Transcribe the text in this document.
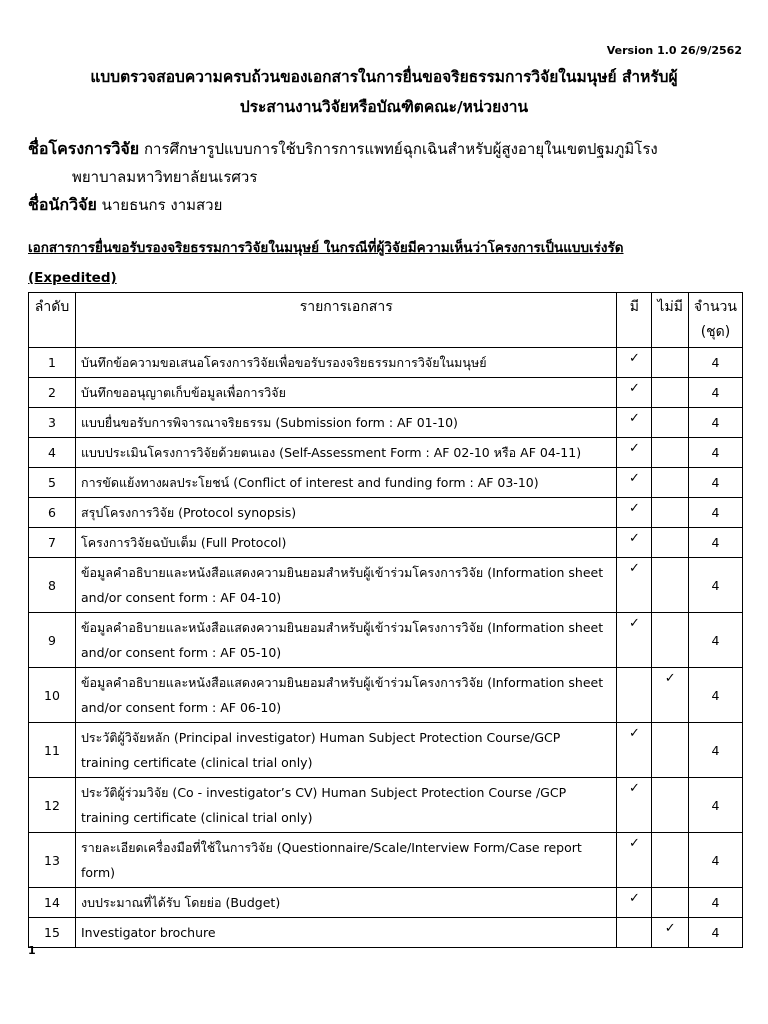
Version 1.0 26/9/2562
แบบตรวจสอบความครบถ้วนของเอกสารในการยื่นขอจริยธรรมการวิจัยในมนุษย์ สำหรับผู้
ประสานงานวิจัยหรือบัณฑิตคณะ/หน่วยงาน
ชื่อโครงการวิจัย การศึกษารูปแบบการใช้บริการการแพทย์ฉุกเฉินสำหรับผู้สูงอายุในเขตปฐมภูมิโรง
พยาบาลมหาวิทยาลัยนเรศวร
ชื่อนักวิจัย นายธนกร งามสวย
เอกสารการยื่นขอรับรองจริยธรรมการวิจัยในมนุษย์ ในกรณีที่ผู้วิจัยมีความเห็นว่าโครงการเป็นแบบเร่งรัด
(Expedited)
ลำดับ	รายการเอกสาร	มี	ไม่มี	จำนวน (ชุด)
1	บันทึกข้อความขอเสนอโครงการวิจัยเพื่อขอรับรองจริยธรรมการวิจัยในมนุษย์	✓		4
2	บันทึกขออนุญาตเก็บข้อมูลเพื่อการวิจัย	✓		4
3	แบบยื่นขอรับการพิจารณาจริยธรรม (Submission form : AF 01-10)	✓		4
4	แบบประเมินโครงการวิจัยด้วยตนเอง (Self-Assessment Form : AF 02-10 หรือ AF 04-11)	✓		4
5	การขัดแย้งทางผลประโยชน์ (Conflict of interest and funding form : AF 03-10)	✓		4
6	สรุปโครงการวิจัย (Protocol synopsis)	✓		4
7	โครงการวิจัยฉบับเต็ม (Full Protocol)	✓		4
8	ข้อมูลคำอธิบายและหนังสือแสดงความยินยอมสำหรับผู้เข้าร่วมโครงการวิจัย (Information sheet and/or consent form : AF 04-10)	✓		4
9	ข้อมูลคำอธิบายและหนังสือแสดงความยินยอมสำหรับผู้เข้าร่วมโครงการวิจัย (Information sheet and/or consent form : AF 05-10)	✓		4
10	ข้อมูลคำอธิบายและหนังสือแสดงความยินยอมสำหรับผู้เข้าร่วมโครงการวิจัย (Information sheet and/or consent form : AF 06-10)		✓	4
11	ประวัติผู้วิจัยหลัก (Principal investigator) Human Subject Protection Course/GCP training certificate (clinical trial only)	✓		4
12	ประวัติผู้ร่วมวิจัย (Co - investigator’s CV) Human Subject Protection Course /GCP training certificate (clinical trial only)	✓		4
13	รายละเอียดเครื่องมือที่ใช้ในการวิจัย (Questionnaire/Scale/Interview Form/Case report form)	✓		4
14	งบประมาณที่ได้รับ โดยย่อ (Budget)	✓		4
15	Investigator brochure		✓	4
1
